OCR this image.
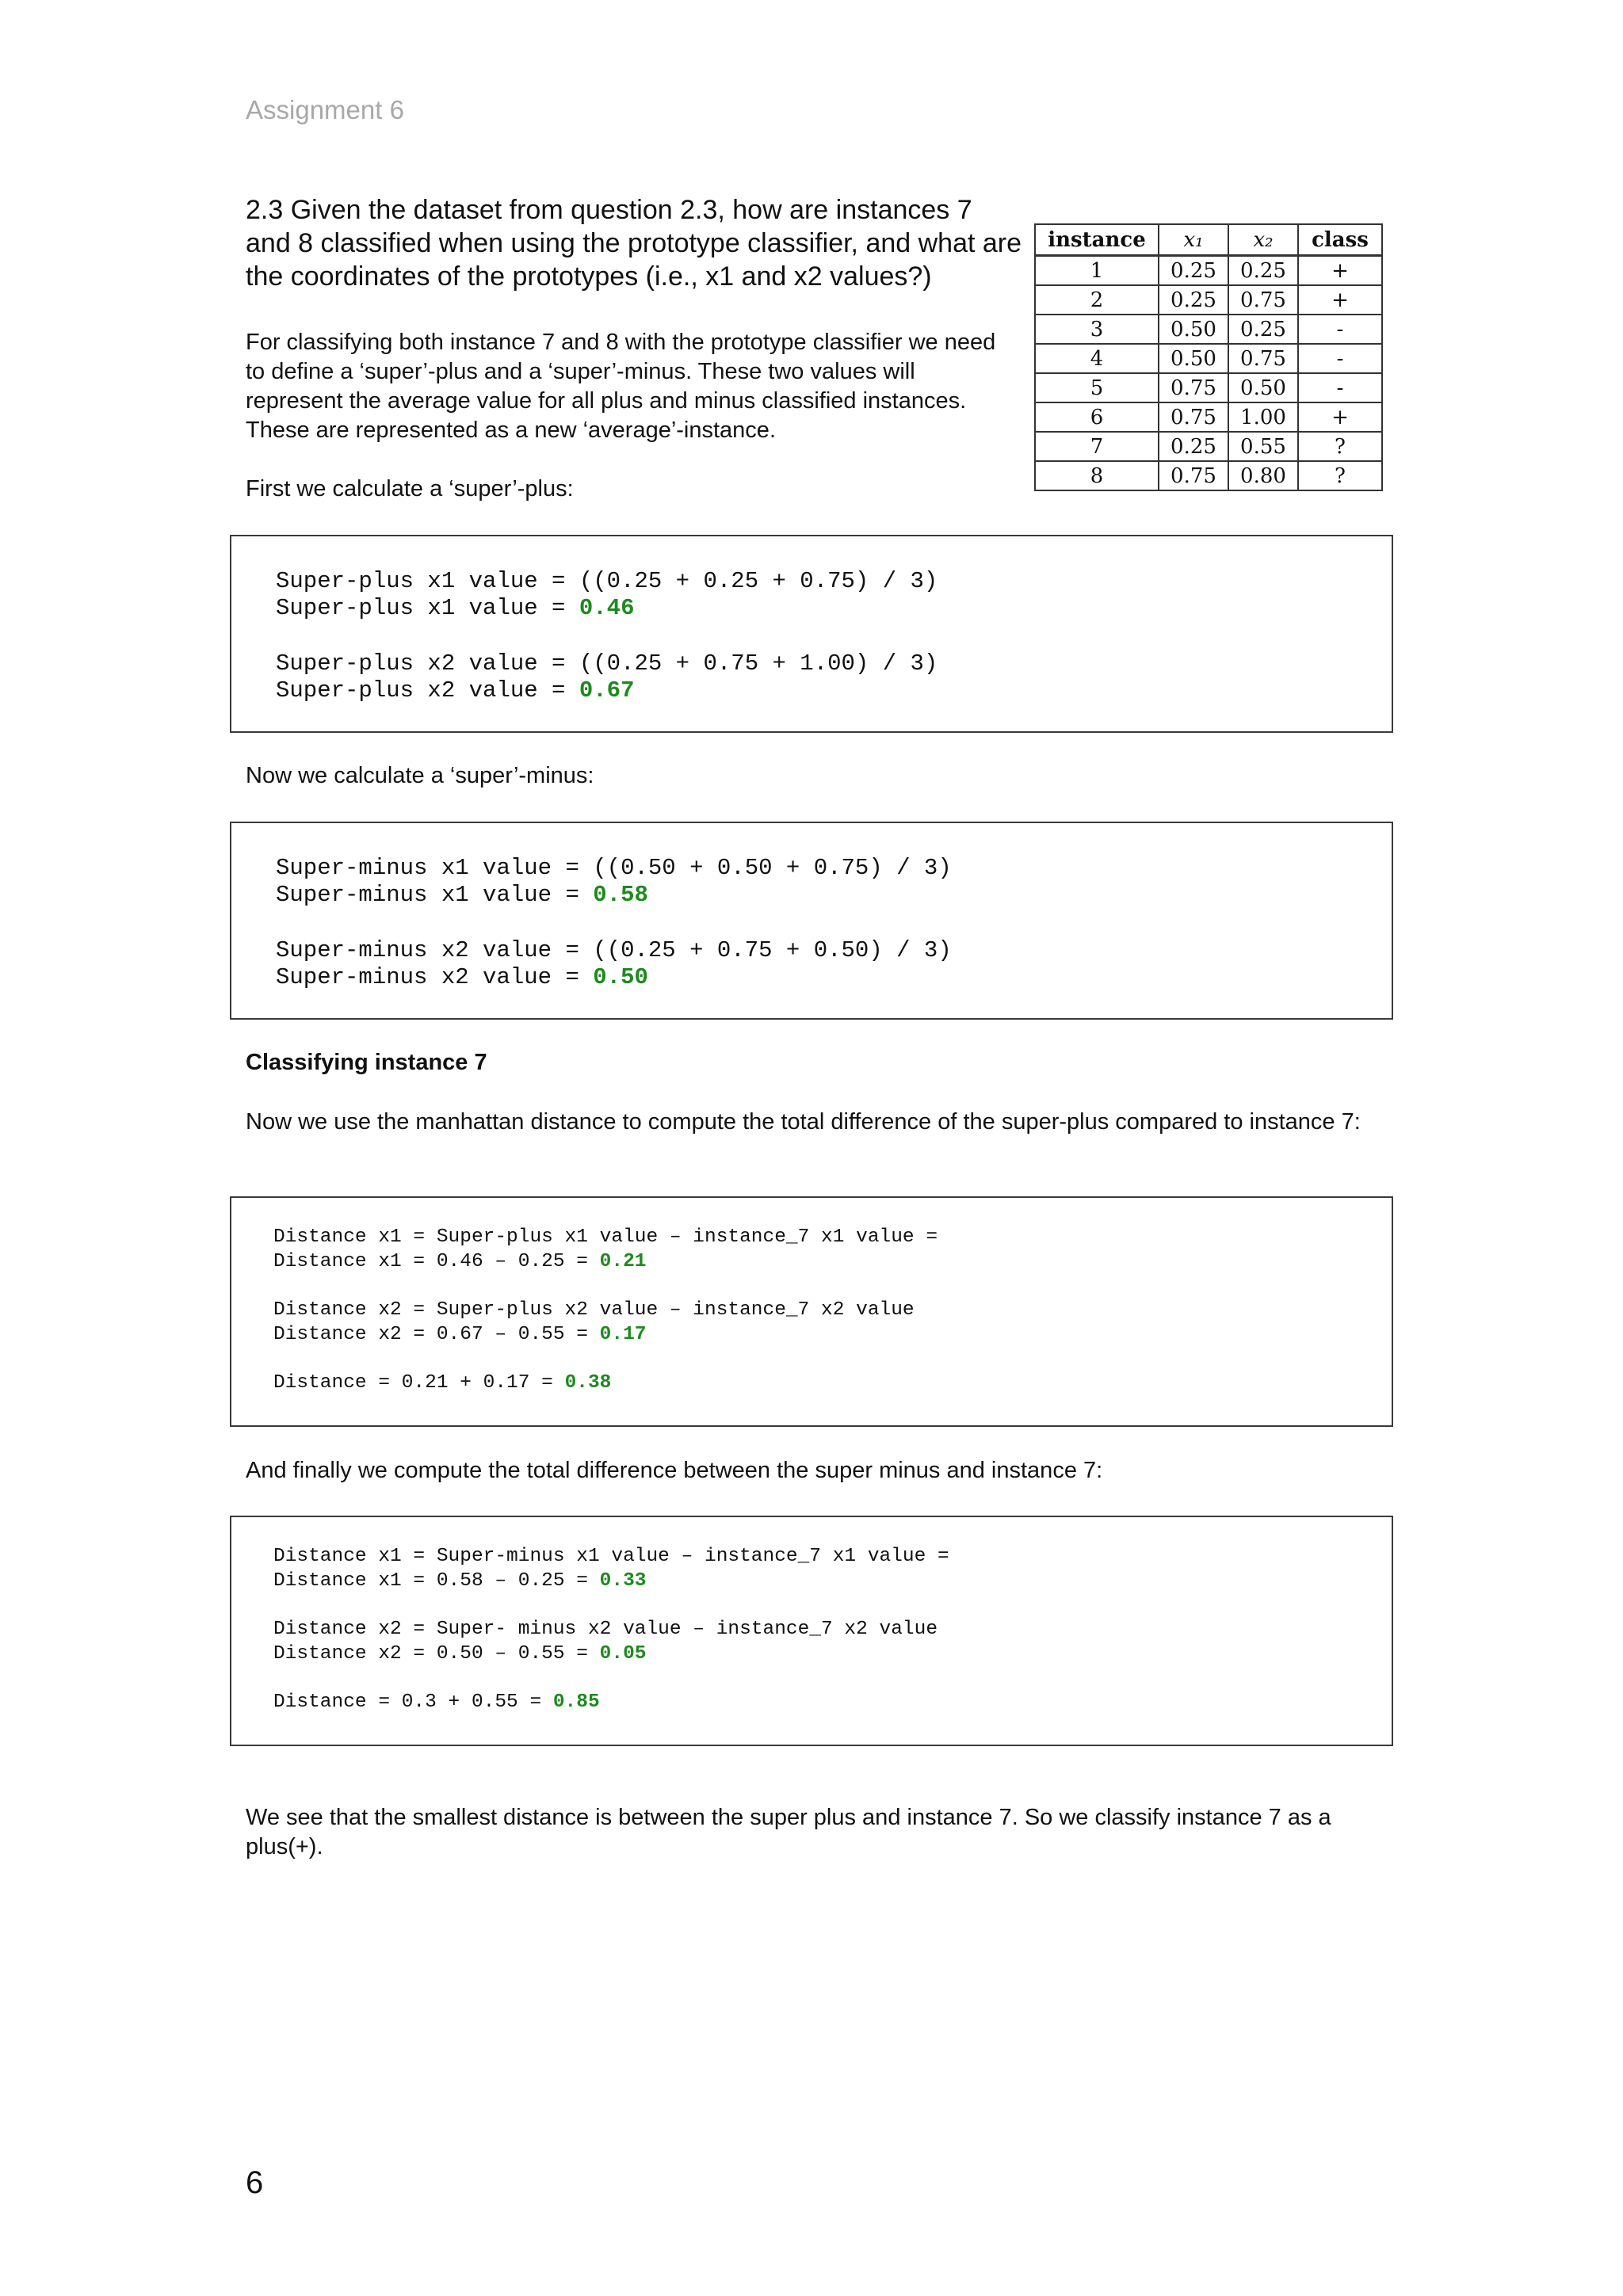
Assignment 6
2.3 Given the dataset from question 2.3, how are instances 7 and 8 classified when using the prototype classifier, and what are the coordinates of the prototypes (i.e., x1 and x2 values?)
For classifying both instance 7 and 8 with the prototype classifier we need to define a ‘super’-plus and a ‘super’-minus. These two values will represent the average value for all plus and minus classified instances. These are represented as a new ‘average’-instance.
instance	x₁	x₂	class
1	0.25	0.25	+
2	0.25	0.75	+
3	0.50	0.25	-
4	0.50	0.75	-
5	0.75	0.50	-
6	0.75	1.00	+
7	0.25	0.55	?
8	0.75	0.80	?
First we calculate a ‘super’-plus:
Super-plus x1 value = ((0.25 + 0.25 + 0.75) / 3)
Super-plus x1 value = 0.46
Super-plus x2 value = ((0.25 + 0.75 + 1.00) / 3)
Super-plus x2 value = 0.67
Now we calculate a ‘super’-minus:
Super-minus x1 value = ((0.50 + 0.50 + 0.75) / 3)
Super-minus x1 value = 0.58
Super-minus x2 value = ((0.25 + 0.75 + 0.50) / 3)
Super-minus x2 value = 0.50
Classifying instance 7
Now we use the manhattan distance to compute the total difference of the super-plus compared to instance 7:
Distance x1 = Super-plus x1 value – instance_7 x1 value =
Distance x1 = 0.46 – 0.25 = 0.21
Distance x2 = Super-plus x2 value – instance_7 x2 value
Distance x2 = 0.67 – 0.55 = 0.17
Distance = 0.21 + 0.17 = 0.38
And finally we compute the total difference between the super minus and instance 7:
Distance x1 = Super-minus x1 value – instance_7 x1 value =
Distance x1 = 0.58 – 0.25 = 0.33
Distance x2 = Super- minus x2 value – instance_7 x2 value
Distance x2 = 0.50 – 0.55 = 0.05
Distance = 0.3 + 0.55 = 0.85
We see that the smallest distance is between the super plus and instance 7. So we classify instance 7 as a plus(+).
6
